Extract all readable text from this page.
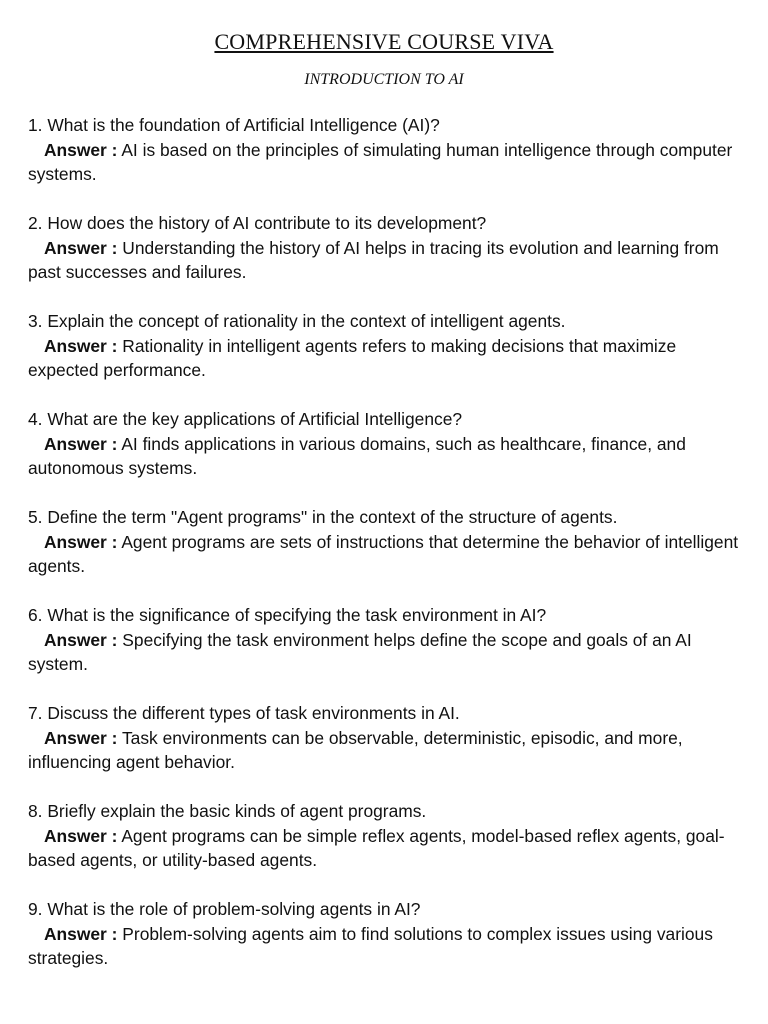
COMPREHENSIVE COURSE VIVA
INTRODUCTION TO AI
1. What is the foundation of Artificial Intelligence (AI)?
Answer : AI is based on the principles of simulating human intelligence through computer systems.
2. How does the history of AI contribute to its development?
Answer : Understanding the history of AI helps in tracing its evolution and learning from past successes and failures.
3. Explain the concept of rationality in the context of intelligent agents.
Answer : Rationality in intelligent agents refers to making decisions that maximize expected performance.
4. What are the key applications of Artificial Intelligence?
Answer : AI finds applications in various domains, such as healthcare, finance, and autonomous systems.
5. Define the term "Agent programs" in the context of the structure of agents.
Answer : Agent programs are sets of instructions that determine the behavior of intelligent agents.
6. What is the significance of specifying the task environment in AI?
Answer : Specifying the task environment helps define the scope and goals of an AI system.
7. Discuss the different types of task environments in AI.
Answer : Task environments can be observable, deterministic, episodic, and more, influencing agent behavior.
8. Briefly explain the basic kinds of agent programs.
Answer : Agent programs can be simple reflex agents, model-based reflex agents, goal-based agents, or utility-based agents.
9. What is the role of problem-solving agents in AI?
Answer : Problem-solving agents aim to find solutions to complex issues using various strategies.
